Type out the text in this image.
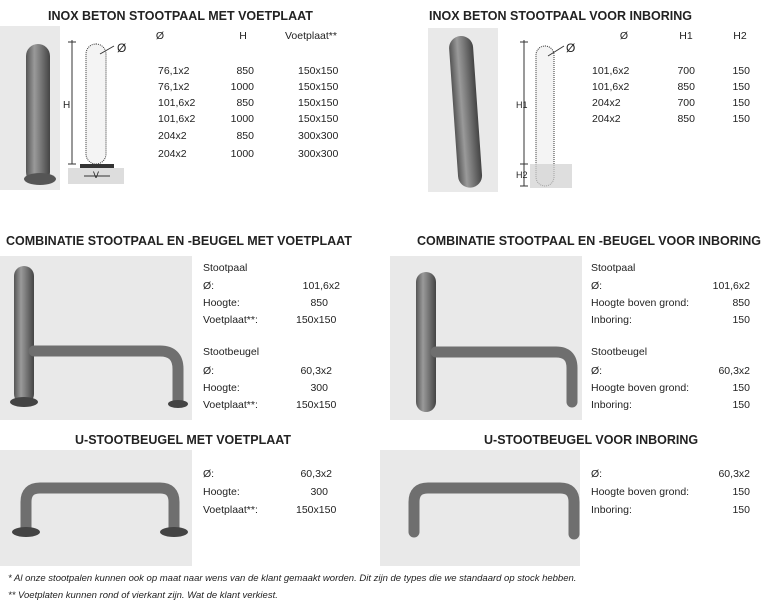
INOX BETON STOOTPAAL MET VOETPLAAT
Ø
H
V
Ø	H	Voetplaat**
76,1x2	850	150x150
76,1x2	1000	150x150
101,6x2	850	150x150
101,6x2	1000	150x150
204x2	850	300x300
204x2	1000	300x300
INOX BETON STOOTPAAL VOOR INBORING
Ø
H1
H2
Ø	H1	H2
101,6x2	700	150
101,6x2	850	150
204x2	700	150
204x2	850	150
COMBINATIE STOOTPAAL EN -BEUGEL MET VOETPLAAT
Stootpaal
Ø:	101,6x2
Hoogte:	850
Voetplaat**:	150x150
Stootbeugel
Ø:	60,3x2
Hoogte:	300
Voetplaat**:	150x150
COMBINATIE STOOTPAAL EN -BEUGEL VOOR INBORING
Stootpaal
Ø:	101,6x2
Hoogte boven grond:	850
Inboring:	150
Stootbeugel
Ø:	60,3x2
Hoogte boven grond:	150
Inboring:	150
U-STOOTBEUGEL MET VOETPLAAT
Ø:	60,3x2
Hoogte:	300
Voetplaat**:	150x150
U-STOOTBEUGEL VOOR INBORING
Ø:	60,3x2
Hoogte boven grond:	150
Inboring:	150
* Al onze stootpalen kunnen ook op maat naar wens van de klant gemaakt worden. Dit zijn de types die we standaard op stock hebben.
** Voetplaten kunnen rond of vierkant zijn. Wat de klant verkiest.
